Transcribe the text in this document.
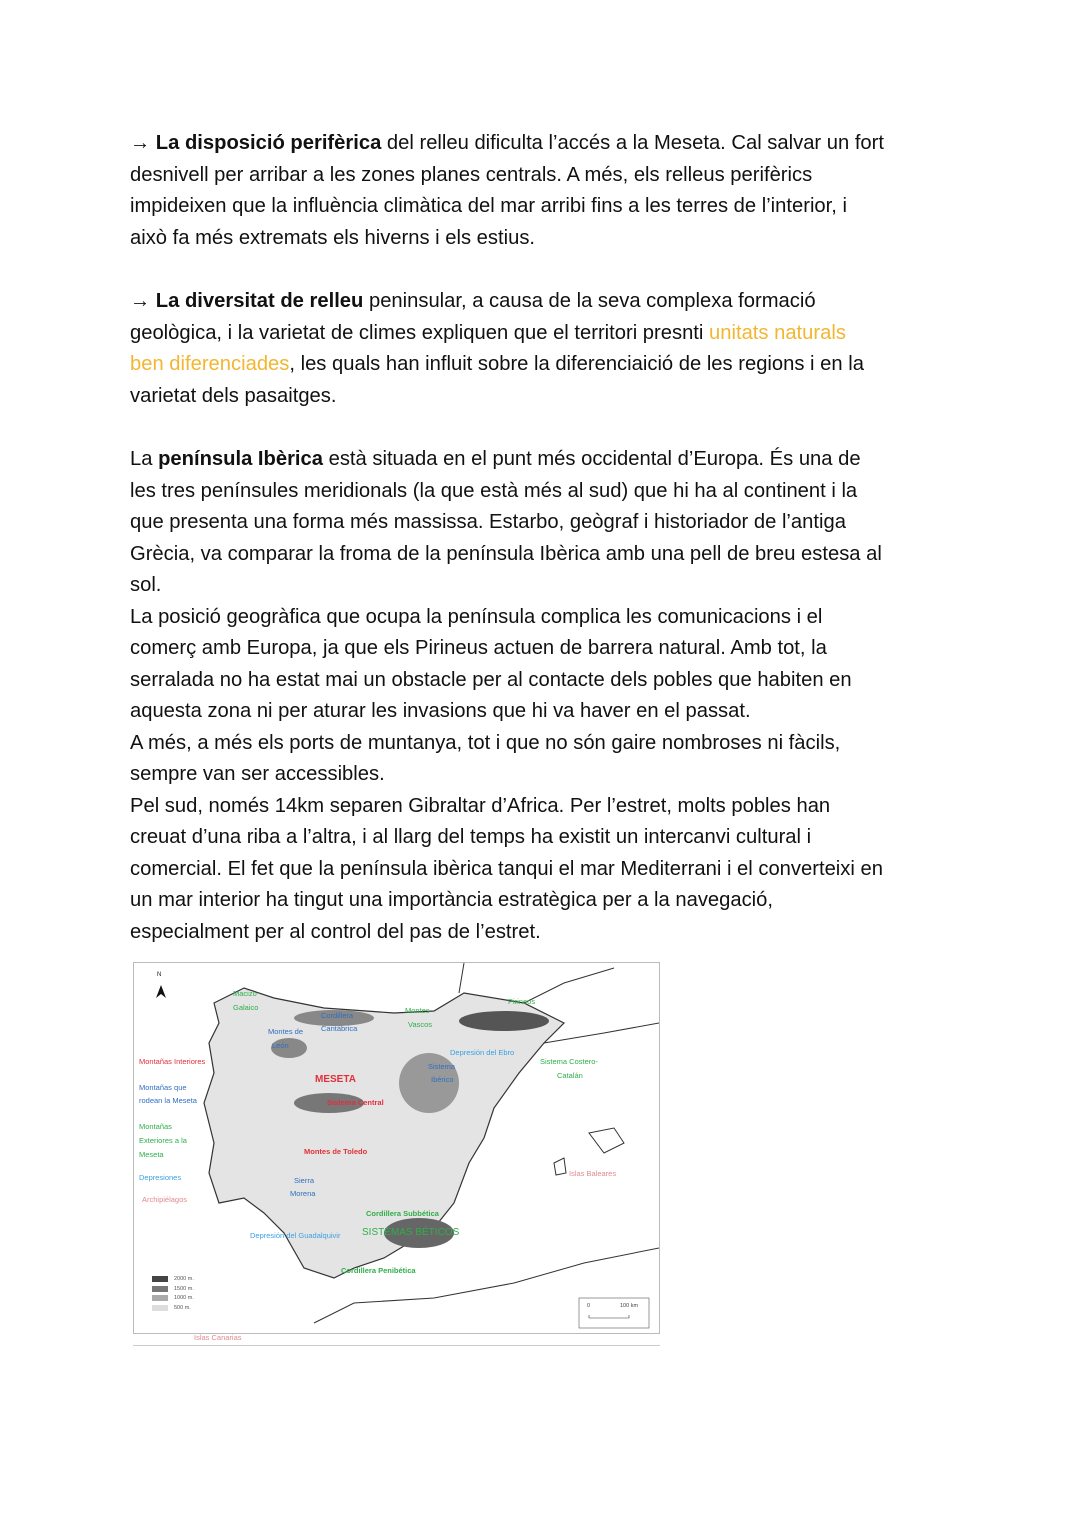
→ La disposició perifèrica del relleu dificulta l’accés a la Meseta. Cal salvar un fort
desnivell per arribar a les zones planes centrals. A més, els relleus perifèrics
impideixen que la influència climàtica del mar arribi fins a les terres de l’interior, i
això fa més extremats els hiverns i els estius.
→ La diversitat de relleu peninsular, a causa de la seva complexa formació
geològica, i la varietat de climes expliquen que el territori presnti unitats naturals
ben diferenciades, les quals han influit sobre la diferenciaició de les regions i en la
varietat dels pasaitges.
La península Ibèrica està situada en el punt més occidental d’Europa. És una de
les tres penínsules meridionals (la que està més al sud) que hi ha al continent i la
que presenta una forma més massissa. Estarbo, geògraf i historiador de l’antiga
Grècia, va comparar la froma de la península Ibèrica amb una pell de breu estesa al
sol.
La posició geogràfica que ocupa la península complica les comunicacions i el
comerç amb Europa, ja que els Pirineus actuen de barrera natural. Amb tot, la
serralada no ha estat mai un obstacle per al contacte dels pobles que habiten en
aquesta zona ni per aturar les invasions que hi va haver en el passat.
A més, a més els ports de muntanya, tot i que no són gaire nombroses ni fàcils,
sempre van ser accessibles.
Pel sud, només 14km separen Gibraltar d’Africa. Per l’estret, molts pobles han
creuat d’una riba a l’altra, i al llarg del temps ha existit un intercanvi cultural i
comercial. El fet que la península ibèrica tanqui el mar Mediterrani i el converteixi en
un mar interior ha tingut una importància estratègica per a la navegació,
especialment per al control del pas de l’estret.
N
Macizo
Galaico
Cordillera
Cantábrica
Montes de
León
Montes
Vascos
Pirineos
Depresión del Ebro
Sistema Costero-
Catalán
Sistema
Ibérico
MESETA
Sistema Central
Montes de Toledo
Sierra
Morena
Islas Baleares
Cordillera Subbética
Depresión del Guadalquivir SISTEMAS BÉTICOS
Cordillera Penibética
Islas Canarias
Montañas Interiores
Montañas que
rodean la Meseta
Montañas
Exteriores a la
Meseta
Depresiones
Archipiélagos
2000 m.
1500 m.
1000 m.
500 m.	0	100 km
